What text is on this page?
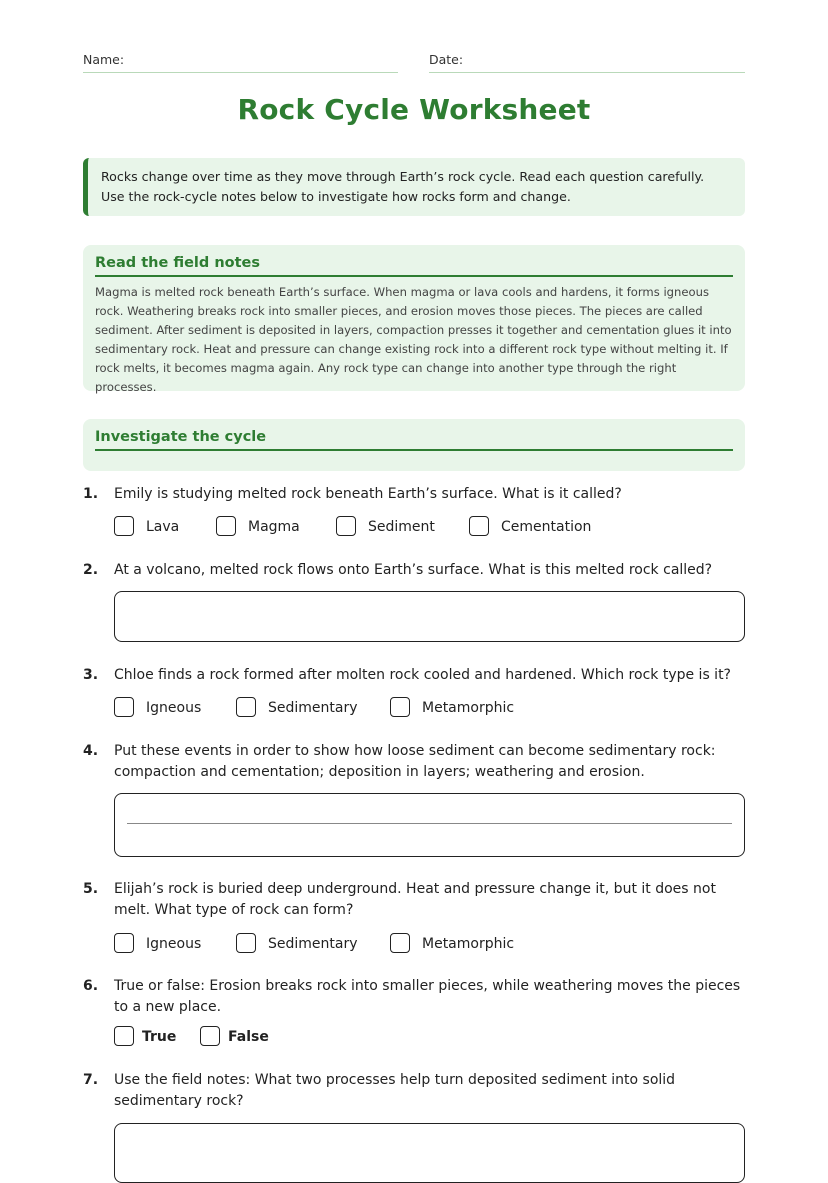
Name:	Date:
Rock Cycle Worksheet
Rocks change over time as they move through Earth’s rock cycle. Read each question carefully. Use the rock-cycle notes below to investigate how rocks form and change.
Read the field notes
Magma is melted rock beneath Earth’s surface. When magma or lava cools and hardens, it forms igneous rock. Weathering breaks rock into smaller pieces, and erosion moves those pieces. The pieces are called sediment. After sediment is deposited in layers, compaction presses it together and cementation glues it into sedimentary rock. Heat and pressure can change existing rock into a different rock type without melting it. If rock melts, it becomes magma again. Any rock type can change into another type through the right processes.
Investigate the cycle
1. Emily is studying melted rock beneath Earth’s surface. What is it called?
Lava	Magma	Sediment	Cementation
2. At a volcano, melted rock flows onto Earth’s surface. What is this melted rock called?
3. Chloe finds a rock formed after molten rock cooled and hardened. Which rock type is it?
Igneous	Sedimentary	Metamorphic
4. Put these events in order to show how loose sediment can become sedimentary rock: compaction and cementation; deposition in layers; weathering and erosion.
5. Elijah’s rock is buried deep underground. Heat and pressure change it, but it does not melt. What type of rock can form?
Igneous	Sedimentary	Metamorphic
6. True or false: Erosion breaks rock into smaller pieces, while weathering moves the pieces to a new place.
True	False
7. Use the field notes: What two processes help turn deposited sediment into solid sedimentary rock?
